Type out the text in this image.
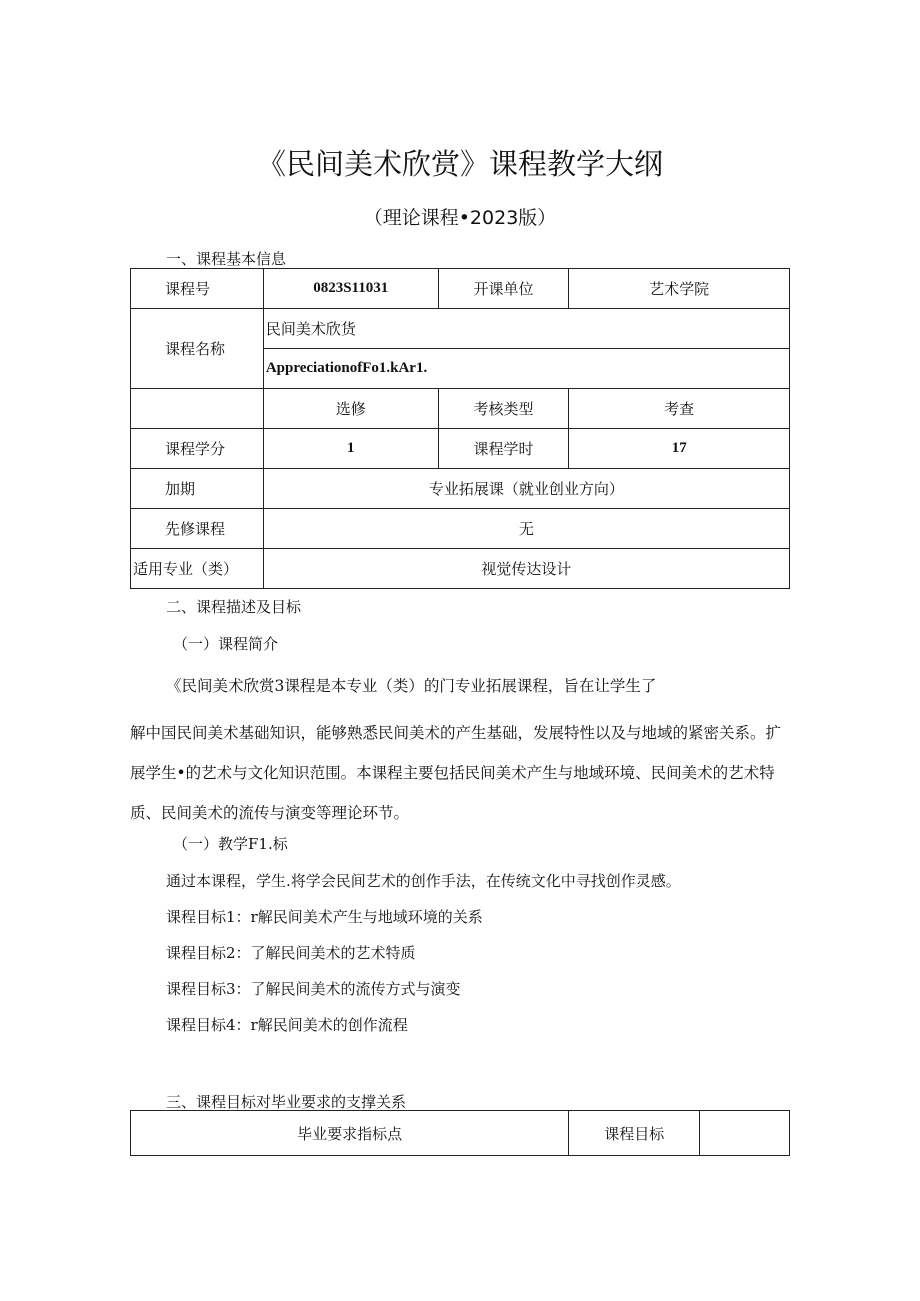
《民间美术欣赏》课程教学大纲
（理论课程•2023版）
一、课程基本信息
课程号	0823S11031	开课单位	艺术学院
课程名称	民间美术欣货		
	AppreciationofFo1.kAr1.		
	选修	考核类型	考查
课程学分	1	课程学时	17
加期	专业拓展课（就业创业方向）		
先修课程	无		
适用专业（类）	视觉传达设计		
二、课程描述及目标
（一）课程简介
《民间美术欣赏3课程是本专业（类）的门专业拓展课程，旨在让学生了
解中国民间美术基础知识，能够熟悉民间美术的产生基础，发展特性以及与地域的紧密关系。扩展学生•的艺术与文化知识范围。本课程主要包括民间美术产生与地域环境、民间美术的艺术特质、民间美术的流传与演变等理论环节。
（一）教学F1.标
通过本课程，学生.将学会民间艺术的创作手法，在传统文化中寻找创作灵感。
课程目标1：r解民间美术产生与地域环境的关系
课程目标2：了解民间美术的艺术特质
课程目标3：了解民间美术的流传方式与演变
课程目标4：r解民间美术的创作流程
三、课程目标对毕业要求的支撑关系
毕业要求指标点	课程目标	
